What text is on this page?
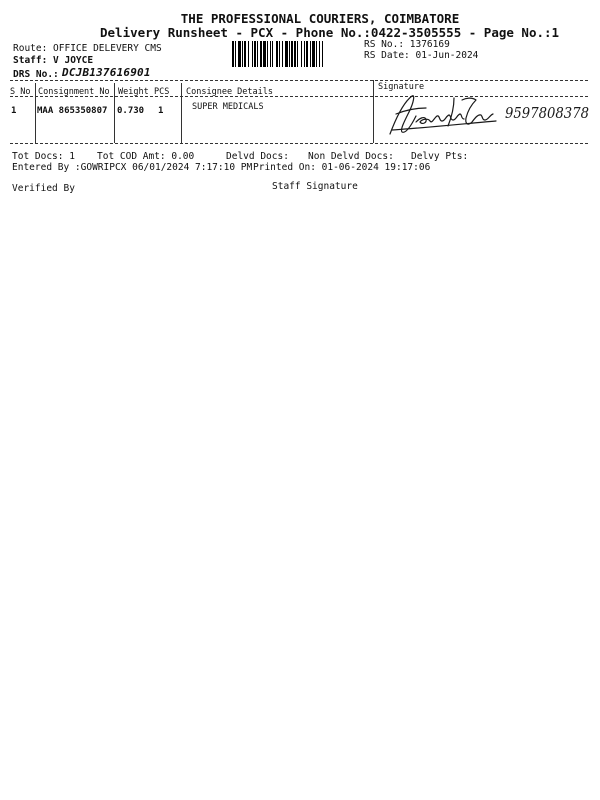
THE PROFESSIONAL COURIERS, COIMBATORE
Delivery Runsheet - PCX - Phone No.:0422-3505555 - Page No.:1
Route: OFFICE DELEVERY CMS
Staff: V JOYCE
DRS No.: DCJB137616901
RS No.: 1376169
RS Date: 01-Jun-2024
S No Consignment No Weight PCS Consignee Details	Signature
1 MAA 865350807 0.730 1	SUPER MEDICALS	9597808378
Tot Docs: 1 Tot COD Amt: 0.00	Delvd Docs: Non Delvd Docs: Delvy Pts:
Entered By :GOWRIPCX 06/01/2024 7:17:10 PM Printed On: 01-06-2024 19:17:06
Verified By	Staff Signature
